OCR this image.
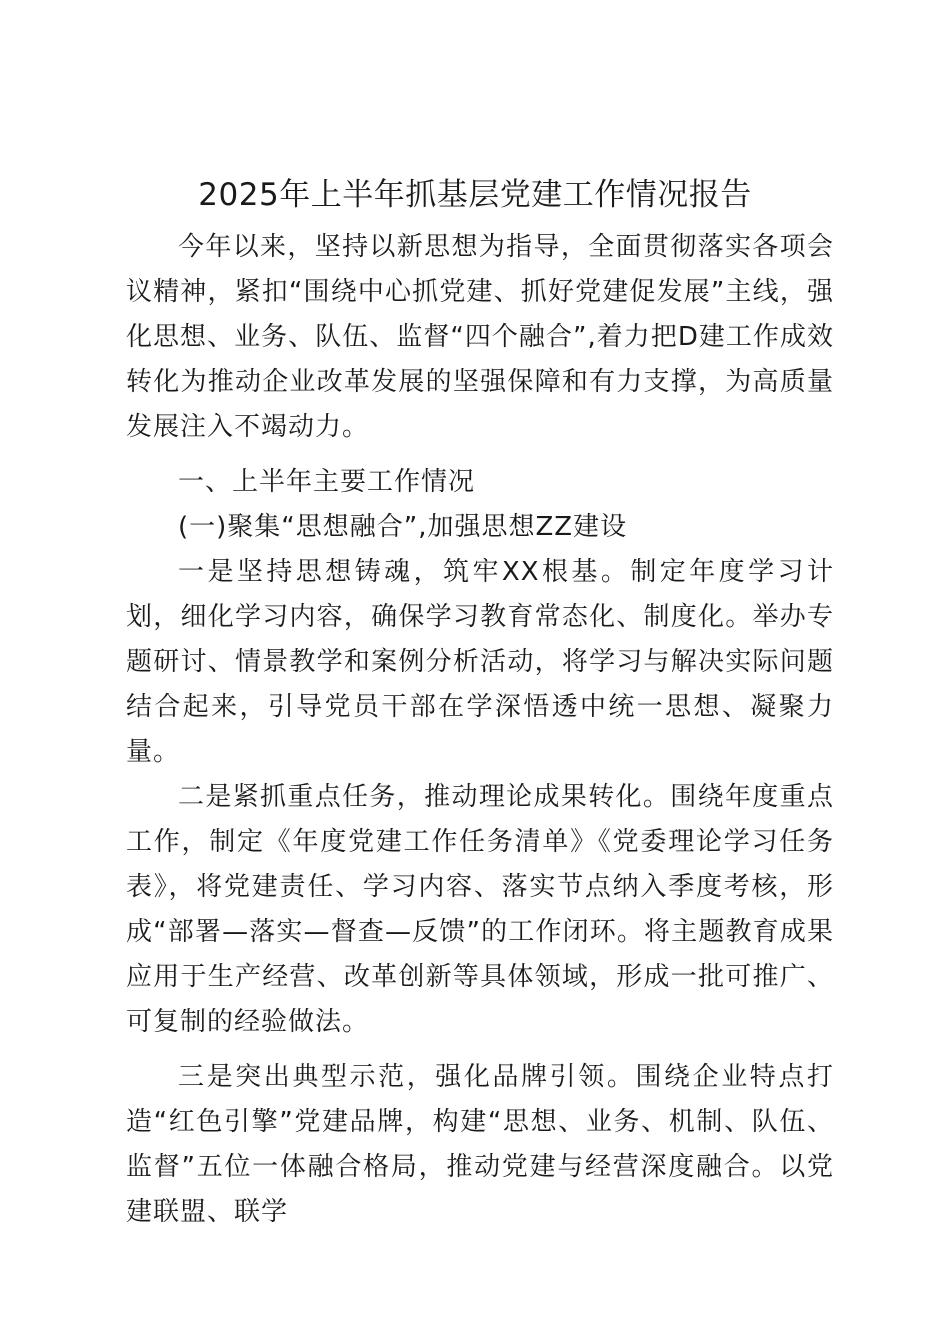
2025年上半年抓基层党建工作情况报告

今年以来，坚持以新思想为指导，全面贯彻落实各项会议精神，紧扣“围绕中心抓党建、抓好党建促发展”主线，强化思想、业务、队伍、监督“四个融合”,着力把D建工作成效转化为推动企业改革发展的坚强保障和有力支撑，为高质量发展注入不竭动力。

一、上半年主要工作情况

(一)聚集“思想融合”,加强思想ZZ建设

一是坚持思想铸魂，筑牢XX根基。制定年度学习计划，细化学习内容，确保学习教育常态化、制度化。举办专题研讨、情景教学和案例分析活动，将学习与解决实际问题结合起来，引导党员干部在学深悟透中统一思想、凝聚力量。

二是紧抓重点任务，推动理论成果转化。围绕年度重点工作，制定《年度党建工作任务清单》《党委理论学习任务表》，将党建责任、学习内容、落实节点纳入季度考核，形成“部署—落实—督查—反馈”的工作闭环。将主题教育成果应用于生产经营、改革创新等具体领域，形成一批可推广、可复制的经验做法。

三是突出典型示范，强化品牌引领。围绕企业特点打造“红色引擎”党建品牌，构建“思想、业务、机制、队伍、监督”五位一体融合格局，推动党建与经营深度融合。以党建联盟、联学
